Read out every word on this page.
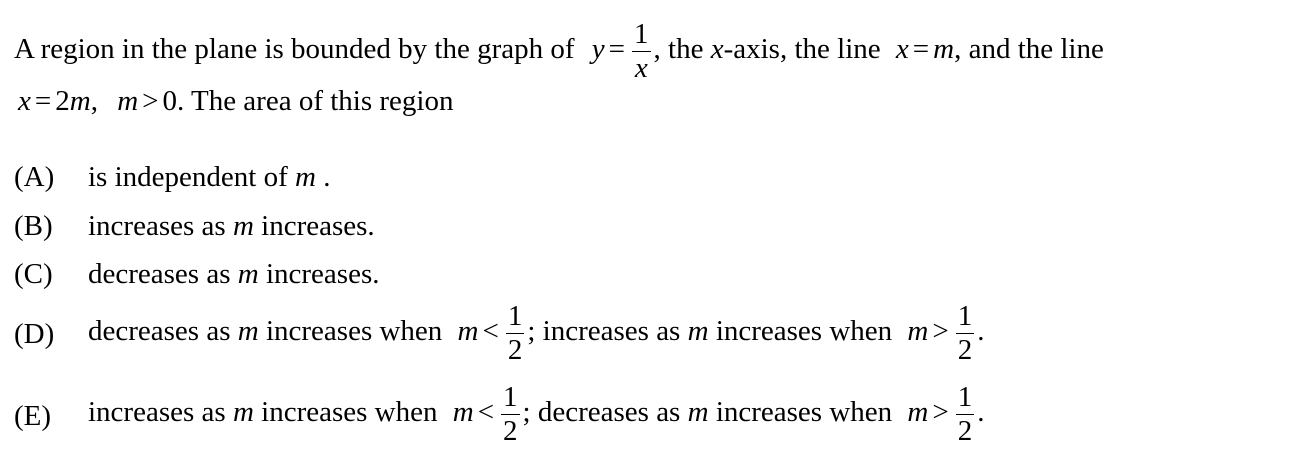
A region in the plane is bounded by the graph of $y = \frac{1}{x}$ , the x-axis, the line x = m, and the line
x = 2m, m > 0. The area of this region
(A) is independent of m .
(B) increases as m increases.
(C) decreases as m increases.
(D) decreases as m increases when $m < \frac{1}{2}$ ; increases as m increases when $m > \frac{1}{2}$ .
(E) increases as m increases when $m < \frac{1}{2}$ ; decreases as m increases when $m > \frac{1}{2}$ .
